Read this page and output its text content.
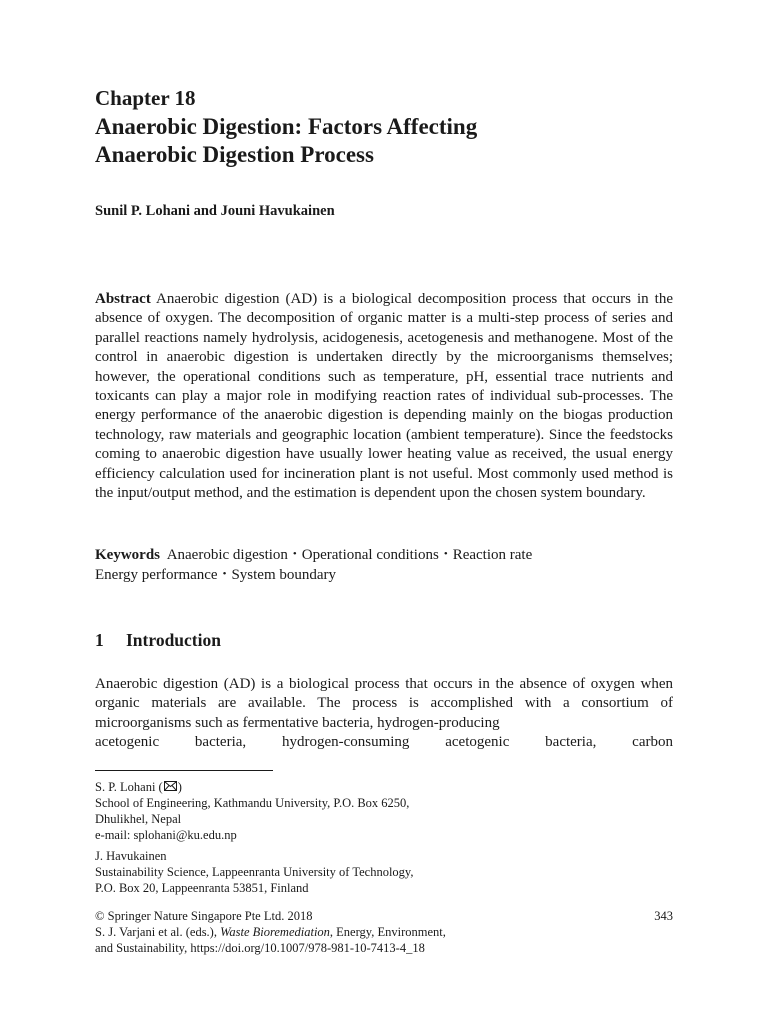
Chapter 18

Anaerobic Digestion: Factors Affecting
Anaerobic Digestion Process

Sunil P. Lohani and Jouni Havukainen
Abstract Anaerobic digestion (AD) is a biological decomposition process that occurs in the absence of oxygen. The decomposition of organic matter is a multi-step process of series and parallel reactions namely hydrolysis, acidogenesis, acetogenesis and methanogene. Most of the control in anaerobic digestion is undertaken directly by the microorganisms themselves; however, the operational conditions such as temperature, pH, essential trace nutrients and toxicants can play a major role in modifying reaction rates of individual sub-processes. The energy performance of the anaerobic digestion is depending mainly on the biogas production technology, raw materials and geographic location (ambient temperature). Since the feedstocks coming to anaerobic digestion have usually lower heating value as received, the usual energy efficiency calculation used for incineration plant is not useful. Most commonly used method is the input/output method, and the estimation is dependent upon the chosen system boundary.
Keywords Anaerobic digestion • Operational conditions • Reaction rate
Energy performance • System boundary
1 Introduction
Anaerobic digestion (AD) is a biological process that occurs in the absence of oxygen when organic materials are available. The process is accomplished with a consortium of microorganisms such as fermentative bacteria, hydrogen-producing
acetogenic bacteria, hydrogen-consuming acetogenic bacteria, carbon
S. P. Lohani ( )
School of Engineering, Kathmandu University, P.O. Box 6250,
Dhulikhel, Nepal
e-mail: splohani@ku.edu.np
J. Havukainen
Sustainability Science, Lappeenranta University of Technology,
P.O. Box 20, Lappeenranta 53851, Finland
© Springer Nature Singapore Pte Ltd. 2018	343
S. J. Varjani et al. (eds.), Waste Bioremediation, Energy, Environment,
and Sustainability, https://doi.org/10.1007/978-981-10-7413-4_18
